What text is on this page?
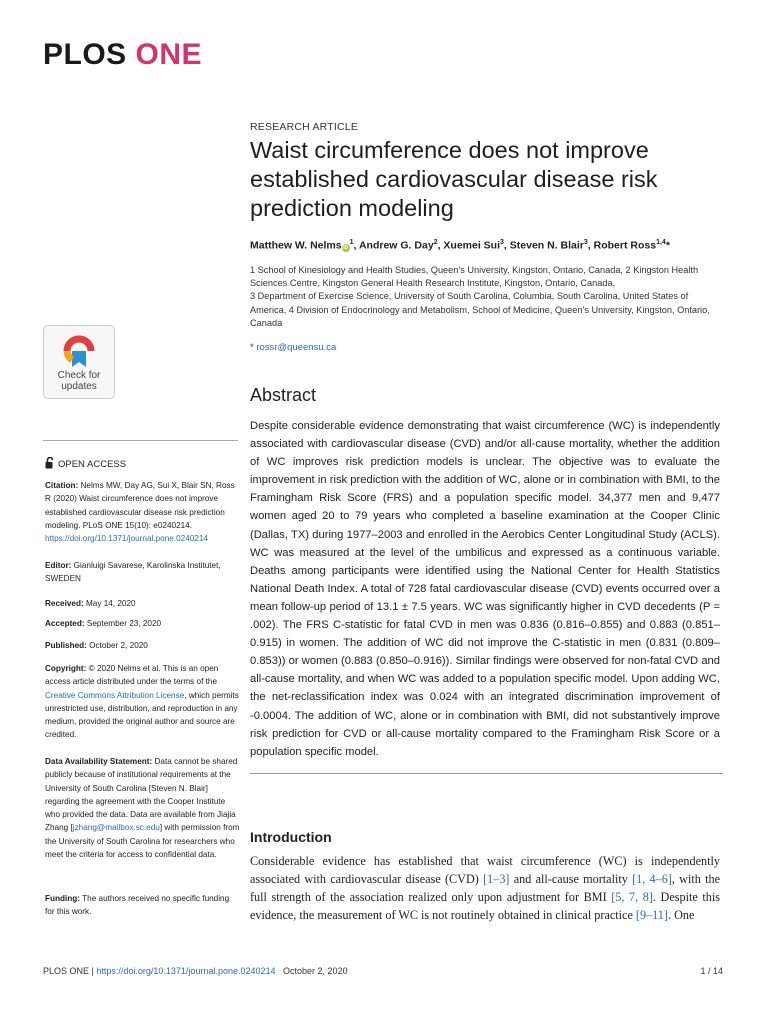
PLOS ONE
RESEARCH ARTICLE
Waist circumference does not improve established cardiovascular disease risk prediction modeling
Matthew W. Nelms $iD^1$, Andrew G. Day$^2$, Xuemei Sui$^3$, Steven N. Blair$^3$, Robert Ross$^{1,4}$*

1 School of Kinesiology and Health Studies, Queen’s University, Kingston, Ontario, Canada, 2 Kingston Health Sciences Centre, Kingston General Health Research Institute, Kingston, Ontario, Canada,

3 Department of Exercise Science, University of South Carolina, Columbia, South Carolina, United States of America, 4 Division of Endocrinology and Metabolism, School of Medicine, Queen’s University, Kingston, Ontario, Canada

* rossr@queensu.ca
Abstract
Despite considerable evidence demonstrating that waist circumference (WC) is independently associated with cardiovascular disease (CVD) and/or all-cause mortality, whether the addition of WC improves risk prediction models is unclear. The objective was to evaluate the improvement in risk prediction with the addition of WC, alone or in combination with BMI, to the Framingham Risk Score (FRS) and a population specific model. 34,377 men and 9,477 women aged 20 to 79 years who completed a baseline examination at the Cooper Clinic (Dallas, TX) during 1977–2003 and enrolled in the Aerobics Center Longitudinal Study (ACLS). WC was measured at the level of the umbilicus and expressed as a continuous variable. Deaths among participants were identified using the National Center for Health Statistics National Death Index. A total of 728 fatal cardiovascular disease (CVD) events occurred over a mean follow-up period of 13.1 ± 7.5 years. WC was significantly higher in CVD decedents (P = .002). The FRS C-statistic for fatal CVD in men was 0.836 (0.816–0.855) and 0.883 (0.851–0.915) in women. The addition of WC did not improve the C-statistic in men (0.831 (0.809–0.853)) or women (0.883 (0.850–0.916)). Similar findings were observed for non-fatal CVD and all-cause mortality, and when WC was added to a population specific model. Upon adding WC, the net-reclassification index was 0.024 with an integrated discrimination improvement of -0.0004. The addition of WC, alone or in combination with BMI, did not substantively improve risk prediction for CVD or all-cause mortality compared to the Framingham Risk Score or a population specific model.
Introduction
Considerable evidence has established that waist circumference (WC) is independently associated with cardiovascular disease (CVD) [1–3] and all-cause mortality [1, 4–6], with the full strength of the association realized only upon adjustment for BMI [5, 7, 8]. Despite this evidence, the measurement of WC is not routinely obtained in clinical practice [9–11]. One
Check for
updates
OPEN ACCESS
Citation: Nelms MW, Day AG, Sui X, Blair SN, Ross R (2020) Waist circumference does not improve established cardiovascular disease risk prediction modeling. PLoS ONE 15(10): e0240214. https://doi.org/10.1371/journal.pone.0240214
Editor: Gianluigi Savarese, Karolinska Institutet, SWEDEN
Received: May 14, 2020
Accepted: September 23, 2020
Published: October 2, 2020
Copyright: © 2020 Nelms et al. This is an open access article distributed under the terms of the Creative Commons Attribution License, which permits unrestricted use, distribution, and reproduction in any medium, provided the original author and source are credited.
Data Availability Statement: Data cannot be shared publicly because of institutional requirements at the University of South Carolina [Steven N. Blair] regarding the agreement with the Cooper Institute who provided the data. Data are available from Jiajia Zhang [jzhang@mailbox.sc.edu] with permission from the University of South Carolina for researchers who meet the criteria for access to confidential data.
Funding: The authors received no specific funding for this work.
PLOS ONE | https://doi.org/10.1371/journal.pone.0240214 October 2, 2020	1 / 14
